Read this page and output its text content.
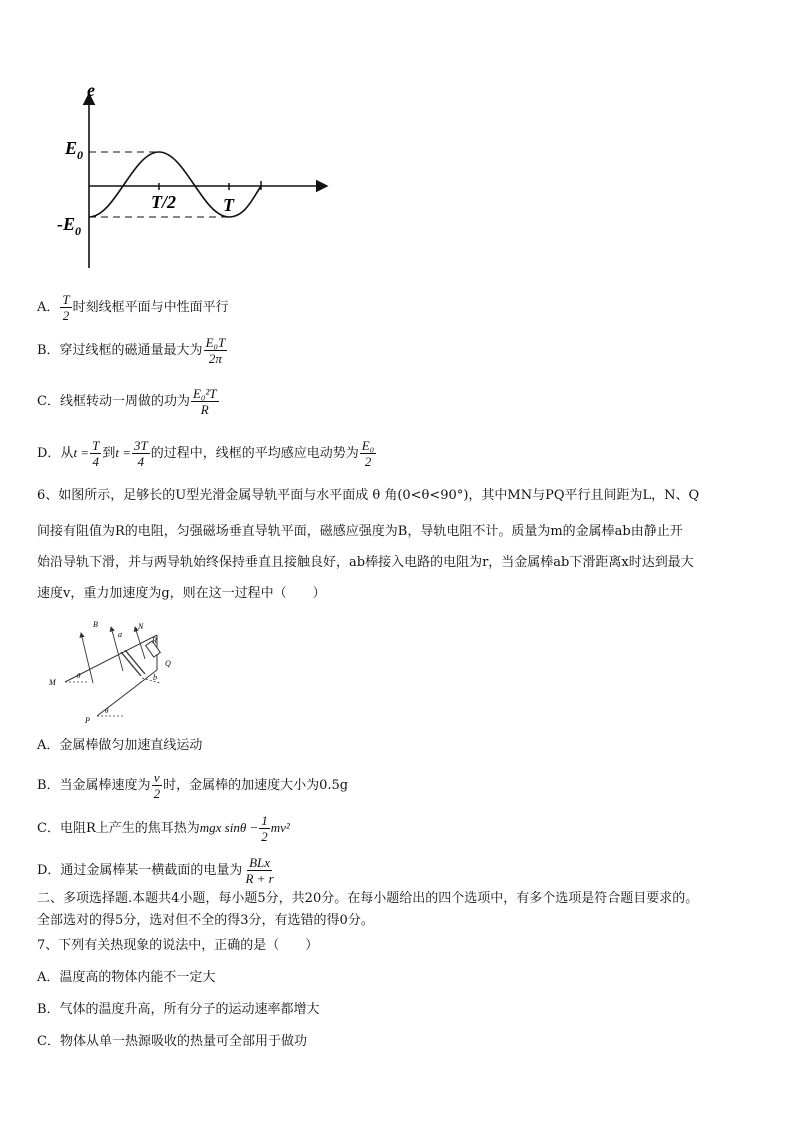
e
$E_0$
$-E_0$
T/2	T
A． $\frac{T}{2}$ 时刻线框平面与中性面平行
B．穿过线框的磁通量最大为 $\frac{\text{E₀T}}{2\pi}$
C．线框转动一周做的功为 $\frac{\text{E₀²T}}{R}$
D．从$t = \frac{T}{4}$ 到$t = \frac{3T}{4}$ 的过程中，线框的平均感应电动势为 $\frac{\text{E₀}}{2}$
6、如图所示，足够长的U型光滑金属导轨平面与水平面成 θ 角(0<θ<90°)，其中MN与PQ平行且间距为L，N、Q
间接有阻值为R的电阻，匀强磁场垂直导轨平面，磁感应强度为B，导轨电阻不计。质量为m的金属棒ab由静止开
始沿导轨下滑，并与两导轨始终保持垂直且接触良好，ab棒接入电路的电阻为r，当金属棒ab下滑距离x时达到最大
速度v，重力加速度为g，则在这一过程中（　　）
B
a
N
R
Q
M
θ	b
P
θ
A．金属棒做匀加速直线运动
B．当金属棒速度为 $\frac{v}{2}$ 时，金属棒的加速度大小为0.5g
C．电阻R上产生的焦耳热为mgx $\sin\theta - \frac{1}{2} mv^2$
D．通过金属棒某一横截面的电量为 $\frac{\text{BLx}}{R + r}$
二、多项选择题.本题共4小题，每小题5分，共20分。在每小题给出的四个选项中，有多个选项是符合题目要求的。
全部选对的得5分，选对但不全的得3分，有选错的得0分。
7、下列有关热现象的说法中，正确的是（　　）
A．温度高的物体内能不一定大
B．气体的温度升高，所有分子的运动速率都增大
C．物体从单一热源吸收的热量可全部用于做功
